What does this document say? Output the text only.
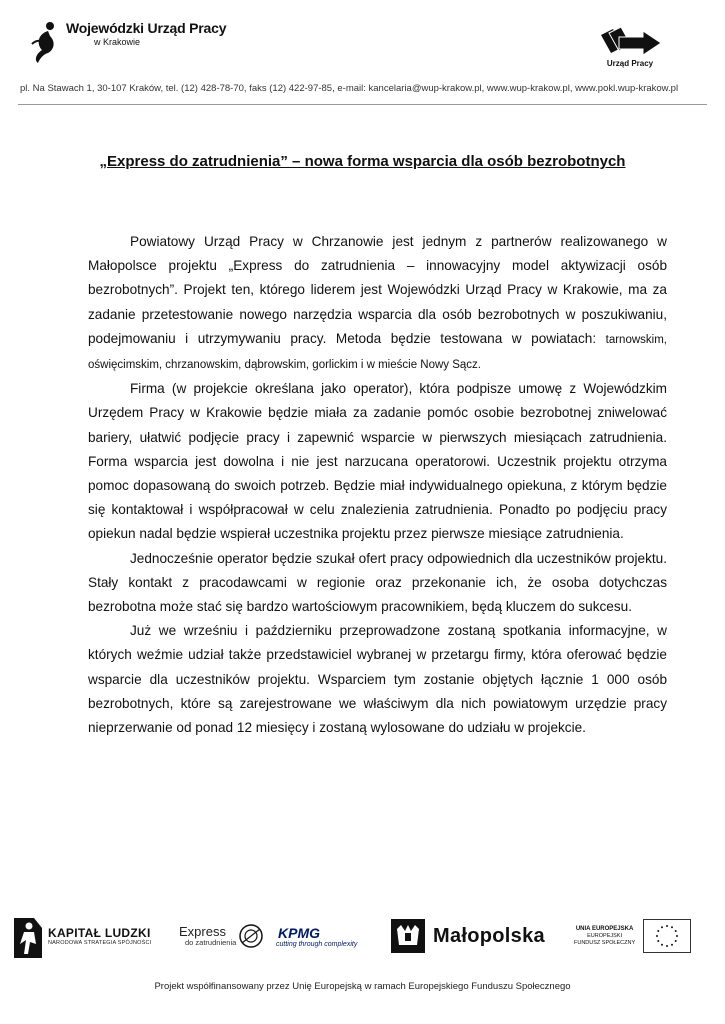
Wojewódzki Urząd Pracy
w Krakowie
Urząd Pracy
pl. Na Stawach 1, 30-107 Kraków, tel. (12) 428-78-70, faks (12) 422-97-85, e-mail: kancelaria@wup-krakow.pl, www.wup-krakow.pl, www.pokl.wup-krakow.pl
„Express do zatrudnienia” – nowa forma wsparcia dla osób bezrobotnych

Powiatowy Urząd Pracy w Chrzanowie jest jednym z partnerów realizowanego w Małopolsce projektu „Express do zatrudnienia – innowacyjny model aktywizacji osób bezrobotnych”. Projekt ten, którego liderem jest Wojewódzki Urząd Pracy w Krakowie, ma za zadanie przetestowanie nowego narzędzia wsparcia dla osób bezrobotnych w poszukiwaniu, podejmowaniu i utrzymywaniu pracy. Metoda będzie testowana w powiatach: tarnowskim, oświęcimskim, chrzanowskim, dąbrowskim, gorlickim i w mieście Nowy Sącz.

Firma (w projekcie określana jako operator), która podpisze umowę z Wojewódzkim Urzędem Pracy w Krakowie będzie miała za zadanie pomóc osobie bezrobotnej zniwelować bariery, ułatwić podjęcie pracy i zapewnić wsparcie w pierwszych miesiącach zatrudnienia. Forma wsparcia jest dowolna i nie jest narzucana operatorowi. Uczestnik projektu otrzyma pomoc dopasowaną do swoich potrzeb. Będzie miał indywidualnego opiekuna, z którym będzie się kontaktował i współpracował w celu znalezienia zatrudnienia. Ponadto po podjęciu pracy opiekun nadal będzie wspierał uczestnika projektu przez pierwsze miesiące zatrudnienia.

Jednocześnie operator będzie szukał ofert pracy odpowiednich dla uczestników projektu. Stały kontakt z pracodawcami w regionie oraz przekonanie ich, że osoba dotychczas bezrobotna może stać się bardzo wartościowym pracownikiem, będą kluczem do sukcesu.

Już we wrześniu i październiku przeprowadzone zostaną spotkania informacyjne, w których weźmie udział także przedstawiciel wybranej w przetargu firmy, która oferować będzie wsparcie dla uczestników projektu. Wsparciem tym zostanie objętych łącznie 1 000 osób bezrobotnych, które są zarejestrowane we właściwym dla nich powiatowym urzędzie pracy nieprzerwanie od ponad 12 miesięcy i zostaną wylosowane do udziału w projekcie.

KAPITAŁ LUDZKI
NARODOWA STRATEGIA SPÓJNOŚCI
Express
do zatrudnienia
KPMG
cutting through complexity	Małopolska	UNIA EUROPEJSKA
EUROPEJSKI
FUNDUSZ SPOŁECZNY
Projekt współfinansowany przez Unię Europejską w ramach Europejskiego Funduszu Społecznego
